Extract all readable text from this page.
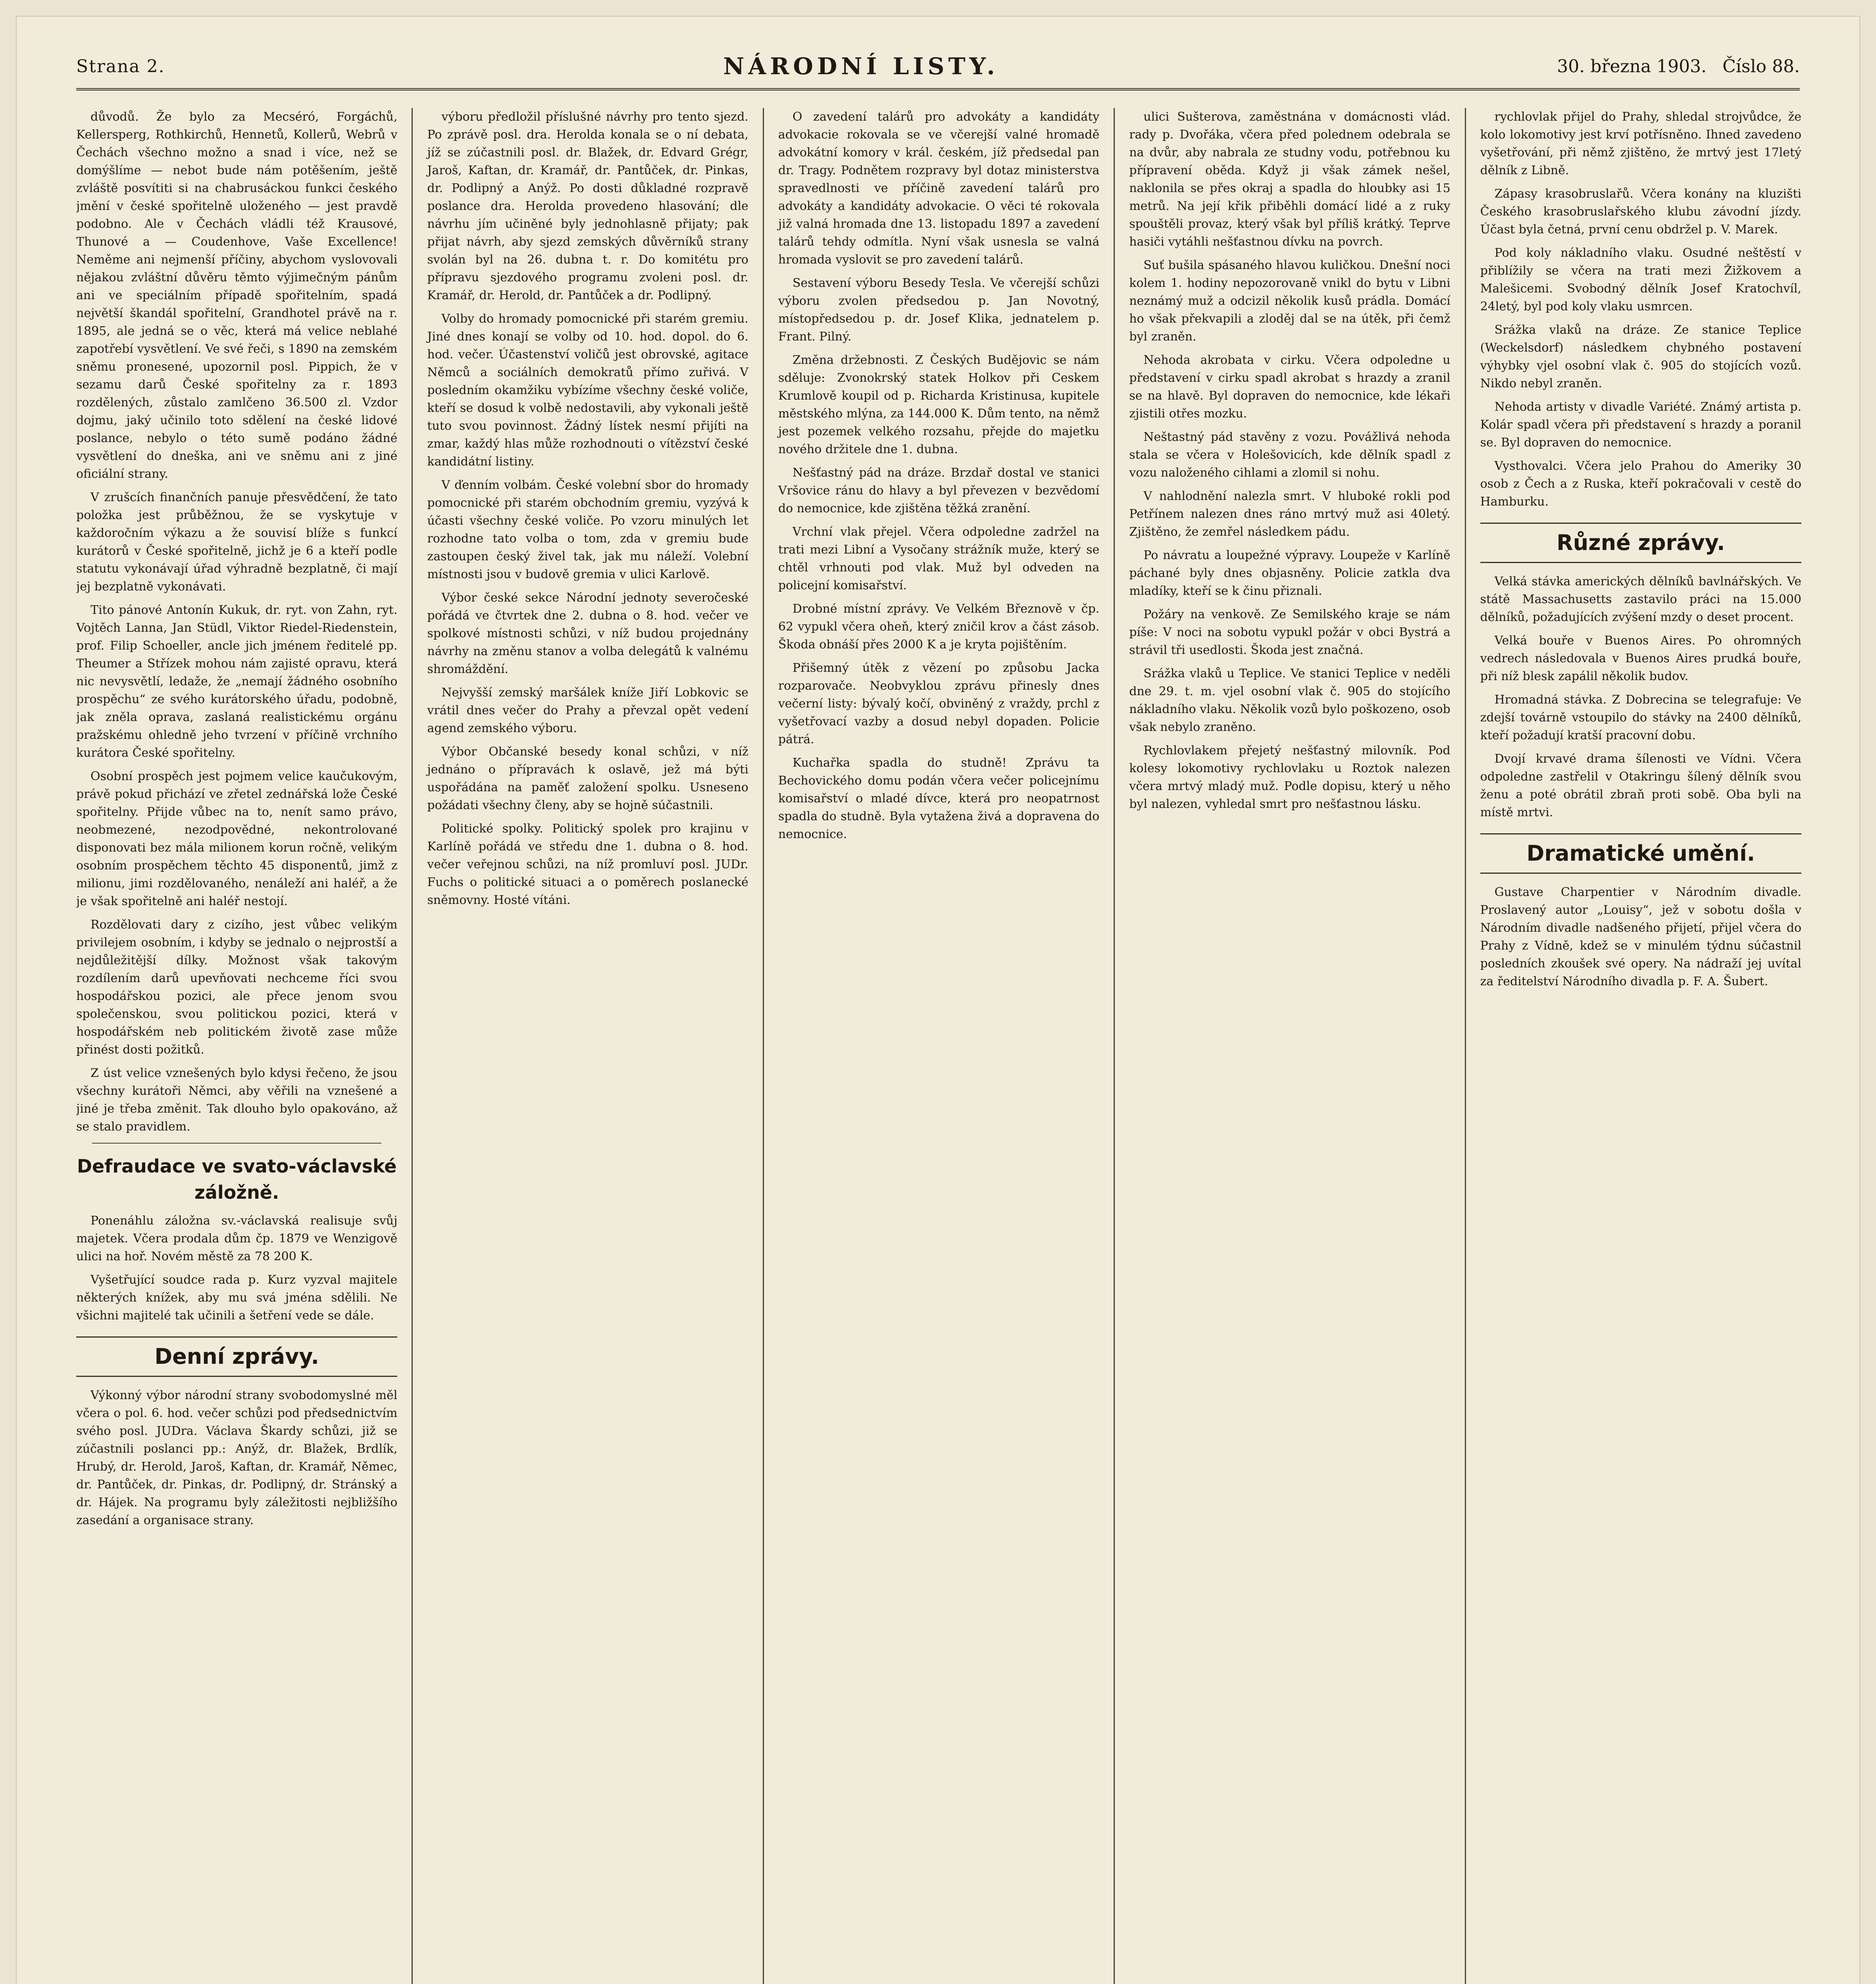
Strana 2.	NÁRODNÍ LISTY.	30. března 1903. Číslo 88.

důvodů. Že bylo za Mecséró, Forgáchů, Kellersperg, Rothkirchů, Hennetů, Kollerů, Webrů v Čechách všechno možno a snad i více, než se domýšlíme — nebot bude nám potěšením, ještě zvláště posvítiti si na chabrusáckou funkci českého jmění v české spořitelně uloženého — jest pravdě podobno. Ale v Čechách vládli též Krausové, Thunové a — Coudenhove, Vaše Excellence! Neměme ani nejmenší příčiny, abychom vyslovovali nějakou zvláštní důvěru těmto výjimečným pánům ani ve speciálním případě spořitelním, spadá největší škandál spořitelní, Grandhotel právě na r. 1895, ale jedná se o věc, která má velice neblahé zapotřebí vysvětlení. Ve své řeči, s 1890 na zemském sněmu pronesené, upozornil posl. Pippich, že v sezamu darů České spořitelny za r. 1893 rozdělených, zůstalo zamlčeno 36.500 zl. Vzdor dojmu, jaký učinilo toto sdělení na české lidové poslance, nebylo o této sumě podáno žádné vysvětlení do dneška, ani ve sněmu ani z jiné oficiální strany.

V zrušcích finančních panuje přesvědčení, že tato položka jest průběžnou, že se vyskytuje v každoročním výkazu a že souvisí blíže s funkcí kurátorů v České spořitelně, jichž je 6 a kteří podle statutu vykonávají úřad výhradně bezplatně, či mají jej bezplatně vykonávati.

Tito pánové Antonín Kukuk, dr. ryt. von Zahn, ryt. Vojtěch Lanna, Jan Stüdl, Viktor Riedel-Riedenstein, prof. Filip Schoeller, ancle jich jménem ředitelé pp. Theumer a Střízek mohou nám zajisté opravu, která nic nevysvětlí, ledaže, že „nemají žádného osobního prospěchu“ ze svého kurátorského úřadu, podobně, jak zněla oprava, zaslaná realistickému orgánu pražskému ohledně jeho tvrzení v příčině vrchního kurátora České spořitelny.

Osobní prospěch jest pojmem velice kaučukovým, právě pokud přichází ve zřetel zednářská lože České spořitelny. Přijde vůbec na to, nenít samo právo, neobmezené, nezodpovědné, nekontrolované disponovati bez mála milionem korun ročně, velikým osobním prospěchem těchto 45 disponentů, jimž z milionu, jimi rozdělovaného, nenáleží ani haléř, a že je však spořitelně ani haléř nestojí.

Rozdělovati dary z cizího, jest vůbec velikým privilejem osobním, i kdyby se jednalo o nejprostší a nejdůležitější dílky. Možnost však takovým rozdílením darů upevňovati nechceme říci svou hospodářskou pozici, ale přece jenom svou společenskou, svou politickou pozici, která v hospodářském neb politickém životě zase může přinést dosti požitků.

Z úst velice vznešených bylo kdysi řečeno, že jsou všechny kurátoři Němci, aby věřili na vznešené a jiné je třeba změnit. Tak dlouho bylo opakováno, až se stalo pravidlem.

Defraudace ve svato-václavské
záložně.

Ponenáhlu záložna sv.-václavská realisuje svůj majetek. Včera prodala dům čp. 1879 ve Wenzigově ulici na hoř. Novém městě za 78 200 K.

Vyšetřující soudce rada p. Kurz vyzval majitele některých knížek, aby mu svá jména sdělili. Ne všichni majitelé tak učinili a šetření vede se dále.

Denní zprávy.

Výkonný výbor národní strany svobodomyslné měl včera o pol. 6. hod. večer schůzi pod předsednictvím svého posl. JUDra. Václava Škardy schůzi, již se zúčastnili poslanci pp.: Anýž, dr. Blažek, Brdlík, Hrubý, dr. Herold, Jaroš, Kaftan, dr. Kramář, Němec, dr. Pantůček, dr. Pinkas, dr. Podlipný, dr. Stránský a dr. Hájek. Na programu byly záležitosti nejbližšího zasedání a organisace strany.

výboru předložil příslušné návrhy pro tento sjezd. Po zprávě posl. dra. Herolda konala se o ní debata, jíž se zúčastnili posl. dr. Blažek, dr. Edvard Grégr, Jaroš, Kaftan, dr. Kramář, dr. Pantůček, dr. Pinkas, dr. Podlipný a Anýž. Po dosti důkladné rozpravě poslance dra. Herolda provedeno hlasování; dle návrhu jím učiněné byly jednohlasně přijaty; pak přijat návrh, aby sjezd zemských důvěrníků strany svolán byl na 26. dubna t. r. Do komitétu pro přípravu sjezdového programu zvoleni posl. dr. Kramář, dr. Herold, dr. Pantůček a dr. Podlipný.

Volby do hromady pomocnické při starém gremiu. Jiné dnes konají se volby od 10. hod. dopol. do 6. hod. večer. Účastenství voličů jest obrovské, agitace Němců a sociálních demokratů přímo zuřivá. V posledním okamžiku vybízíme všechny české voliče, kteří se dosud k volbě nedostavili, aby vykonali ještě tuto svou povinnost. Žádný lístek nesmí přijíti na zmar, každý hlas může rozhodnouti o vítězství české kandidátní listiny.

V ďenním volbám. České volební sbor do hromady pomocnické při starém obchodním gremiu, vyzývá k účasti všechny české voliče. Po vzoru minulých let rozhodne tato volba o tom, zda v gremiu bude zastoupen český živel tak, jak mu náleží. Volební místnosti jsou v budově gremia v ulici Karlově.

Výbor české sekce Národní jednoty severočeské pořádá ve čtvrtek dne 2. dubna o 8. hod. večer ve spolkové místnosti schůzi, v níž budou projednány návrhy na změnu stanov a volba delegátů k valnému shromáždění.

Nejvyšší zemský maršálek kníže Jiří Lobkovic se vrátil dnes večer do Prahy a převzal opět vedení agend zemského výboru.

Výbor Občanské besedy konal schůzi, v níž jednáno o přípravách k oslavě, jež má býti uspořádána na paměť založení spolku. Usneseno požádati všechny členy, aby se hojně súčastnili.

Politické spolky. Politický spolek pro krajinu v Karlíně pořádá ve středu dne 1. dubna o 8. hod. večer veřejnou schůzi, na níž promluví posl. JUDr. Fuchs o politické situaci a o poměrech poslanecké sněmovny. Hosté vítáni.

O zavedení talárů pro advokáty a kandidáty advokacie rokovala se ve včerejší valné hromadě advokátní komory v král. českém, jíž předsedal pan dr. Tragy. Podnětem rozpravy byl dotaz ministerstva spravedlnosti ve příčině zavedení talárů pro advokáty a kandidáty advokacie. O věci té rokovala již valná hromada dne 13. listopadu 1897 a zavedení talárů tehdy odmítla. Nyní však usnesla se valná hromada vyslovit se pro zavedení talárů.

Sestavení výboru Besedy Tesla. Ve včerejší schůzi výboru zvolen předsedou p. Jan Novotný, místopředsedou p. dr. Josef Klika, jednatelem p. Frant. Pilný.

Změna držebnosti. Z Českých Budějovic se nám sděluje: Zvonokrský statek Holkov při Ceskem Krumlově koupil od p. Richarda Kristinusa, kupitele městského mlýna, za 144.000 K. Dům tento, na němž jest pozemek velkého rozsahu, přejde do majetku nového držitele dne 1. dubna.

Nešťastný pád na dráze. Brzdař dostal ve stanici Vršovice ránu do hlavy a byl převezen v bezvědomí do nemocnice, kde zjištěna těžká zranění.

Vrchní vlak přejel. Včera odpoledne zadržel na trati mezi Libní a Vysočany strážník muže, který se chtěl vrhnouti pod vlak. Muž byl odveden na policejní komisařství.

Drobné místní zprávy. Ve Velkém Březnově v čp. 62 vypukl včera oheň, který zničil krov a část zásob. Škoda obnáší přes 2000 K a je kryta pojištěním.

Přišemný útěk z vězení po způsobu Jacka rozparovače. Neobvyklou zprávu přinesly dnes večerní listy: bývalý kočí, obviněný z vraždy, prchl z vyšetřovací vazby a dosud nebyl dopaden. Policie pátrá.

Kuchařka spadla do studně! Zprávu ta Bechovického domu podán včera večer policejnímu komisařství o mladé dívce, která pro neopatrnost spadla do studně. Byla vytažena živá a dopravena do nemocnice.

ulici Sušterova, zaměstnána v domácnosti vlád. rady p. Dvořáka, včera před polednem odebrala se na dvůr, aby nabrala ze studny vodu, potřebnou ku přípravení oběda. Když ji však zámek nešel, naklonila se přes okraj a spadla do hloubky asi 15 metrů. Na její křik přiběhli domácí lidé a z ruky spouštěli provaz, který však byl příliš krátký. Teprve hasiči vytáhli nešťastnou dívku na povrch.

Suť bušila spásaného hlavou kuličkou. Dnešní noci kolem 1. hodiny nepozorovaně vnikl do bytu v Libni neznámý muž a odcizil několik kusů prádla. Domácí ho však překvapili a zloděj dal se na útěk, při čemž byl zraněn.

Nehoda akrobata v cirku. Včera odpoledne u představení v cirku spadl akrobat s hrazdy a zranil se na hlavě. Byl dopraven do nemocnice, kde lékaři zjistili otřes mozku.

Neštastný pád stavěny z vozu. Povážlivá nehoda stala se včera v Holešovicích, kde dělník spadl z vozu naloženého cihlami a zlomil si nohu.

V nahlodnění nalezla smrt. V hluboké rokli pod Petřínem nalezen dnes ráno mrtvý muž asi 40letý. Zjištěno, že zemřel následkem pádu.

Po návratu a loupežné výpravy. Loupeže v Karlíně páchané byly dnes objasněny. Policie zatkla dva mladíky, kteří se k činu přiznali.

Požáry na venkově. Ze Semilského kraje se nám píše: V noci na sobotu vypukl požár v obci Bystrá a strávil tři usedlosti. Škoda jest značná.

Srážka vlaků u Teplice. Ve stanici Teplice v neděli dne 29. t. m. vjel osobní vlak č. 905 do stojícího nákladního vlaku. Několik vozů bylo poškozeno, osob však nebylo zraněno.

Rychlovlakem přejetý nešťastný milovník. Pod kolesy lokomotivy rychlovlaku u Roztok nalezen včera mrtvý mladý muž. Podle dopisu, který u něho byl nalezen, vyhledal smrt pro nešťastnou lásku.

rychlovlak přijel do Prahy, shledal strojvůdce, že kolo lokomotivy jest krví potřísněno. Ihned zavedeno vyšetřování, při němž zjištěno, že mrtvý jest 17letý dělník z Libně.

Zápasy krasobruslařů. Včera konány na kluzišti Českého krasobruslařského klubu závodní jízdy. Účast byla četná, první cenu obdržel p. V. Marek.

Pod koly nákladního vlaku. Osudné neštěstí v přiblížily se včera na trati mezi Žižkovem a Malešicemi. Svobodný dělník Josef Kratochvíl, 24letý, byl pod koly vlaku usmrcen.

Srážka vlaků na dráze. Ze stanice Teplice (Weckelsdorf) následkem chybného postavení výhybky vjel osobní vlak č. 905 do stojících vozů. Nikdo nebyl zraněn.

Nehoda artisty v divadle Variété. Známý artista p. Kolár spadl včera při představení s hrazdy a poranil se. Byl dopraven do nemocnice.

Vysthovalci. Včera jelo Prahou do Ameriky 30 osob z Čech a z Ruska, kteří pokračovali v cestě do Hamburku.

Různé zprávy.

Velká stávka amerických dělníků bavlnářských. Ve státě Massachusetts zastavilo práci na 15.000 dělníků, požadujících zvýšení mzdy o deset procent.

Velká bouře v Buenos Aires. Po ohromných vedrech následovala v Buenos Aires prudká bouře, při níž blesk zapálil několik budov.

Hromadná stávka. Z Dobrecina se telegrafuje: Ve zdejší továrně vstoupilo do stávky na 2400 dělníků, kteří požadují kratší pracovní dobu.

Dvojí krvavé drama šílenosti ve Vídni. Včera odpoledne zastřelil v Otakringu šílený dělník svou ženu a poté obrátil zbraň proti sobě. Oba byli na místě mrtvi.

Dramatické umění.

Gustave Charpentier v Národním divadle. Proslavený autor „Louisy“, jež v sobotu došla v Národním divadle nadšeného přijetí, přijel včera do Prahy z Vídně, kdež se v minulém týdnu súčastnil posledních zkoušek své opery. Na nádraží jej uvítal za ředitelství Národního divadla p. F. A. Šubert.
